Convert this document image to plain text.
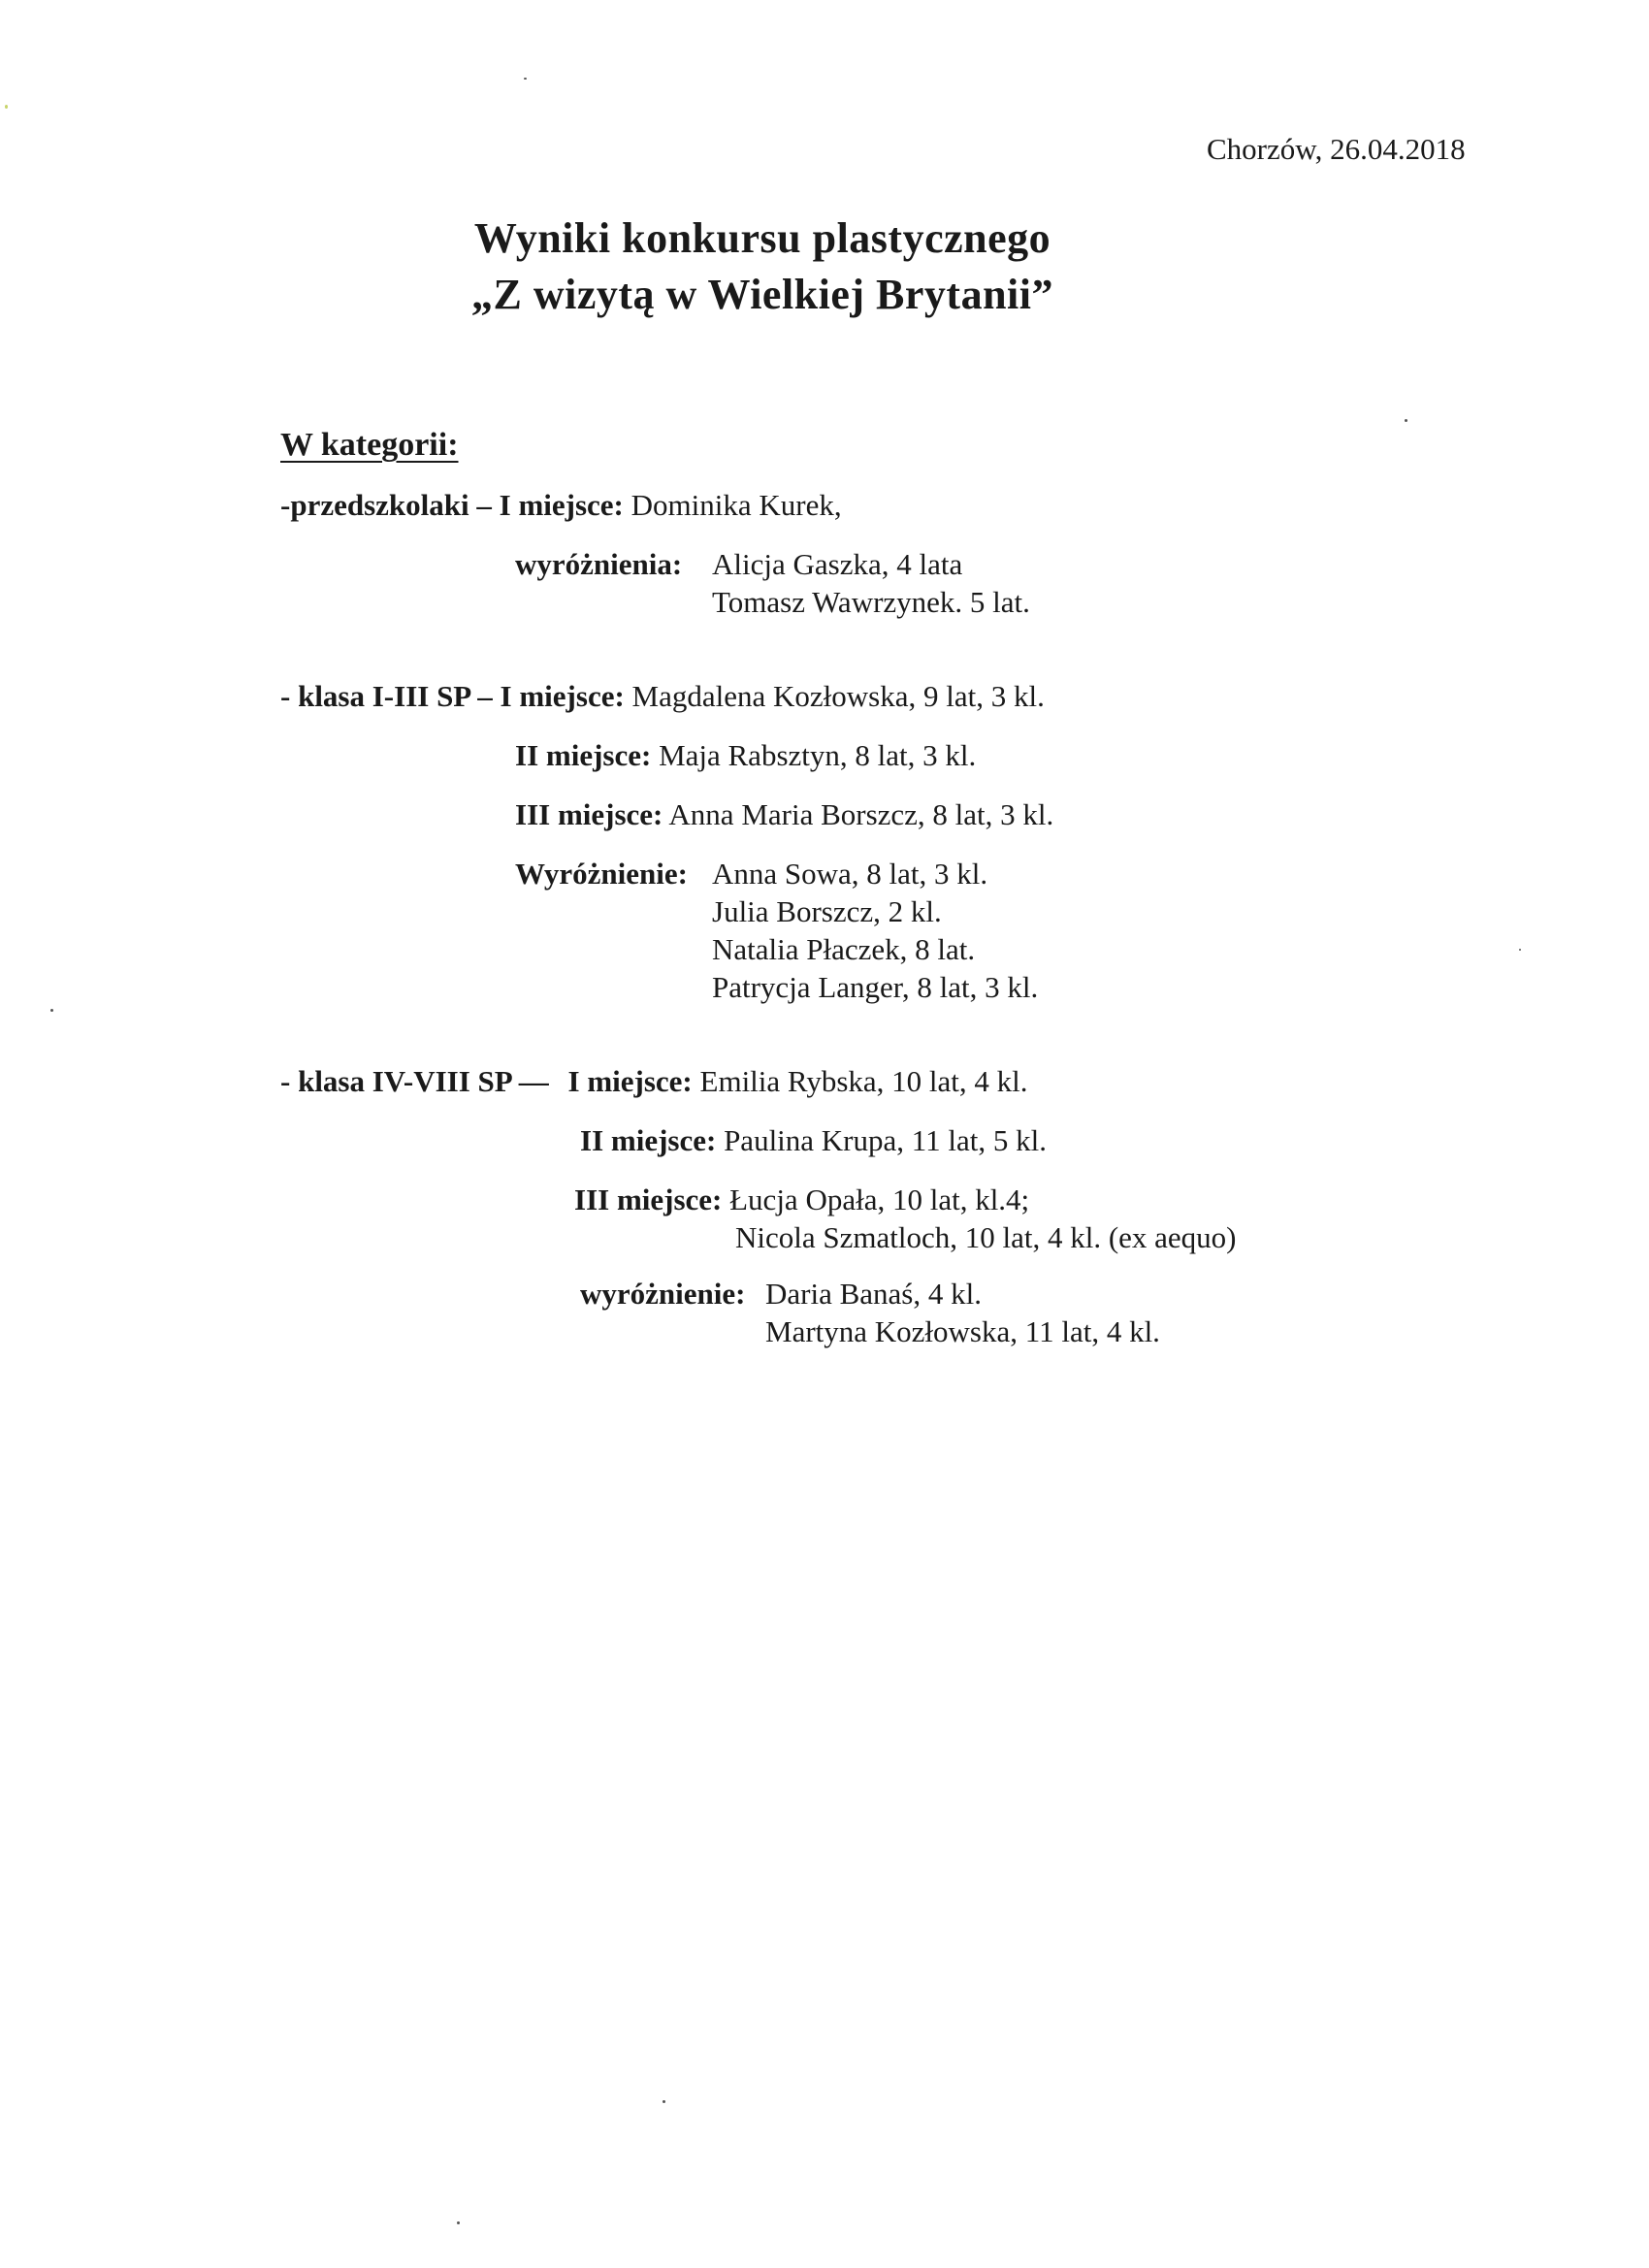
Chorzów, 26.04.2018
Wyniki konkursu plastycznego
„Z wizytą w Wielkiej Brytanii”
W kategorii:
-przedszkolaki – I miejsce: Dominika Kurek,
wyróżnienia: Alicja Gaszka, 4 lata
Tomasz Wawrzynek. 5 lat.
- klasa I-III SP – I miejsce: Magdalena Kozłowska, 9 lat, 3 kl.
II miejsce: Maja Rabsztyn, 8 lat, 3 kl.
III miejsce: Anna Maria Borszcz, 8 lat, 3 kl.
Wyróżnienie: Anna Sowa, 8 lat, 3 kl.
Julia Borszcz, 2 kl.
Natalia Płaczek, 8 lat.
Patrycja Langer, 8 lat, 3 kl.
- klasa IV-VIII SP — I miejsce: Emilia Rybska, 10 lat, 4 kl.
II miejsce: Paulina Krupa, 11 lat, 5 kl.
III miejsce: Łucja Opała, 10 lat, kl.4;
Nicola Szmatloch, 10 lat, 4 kl. (ex aequo)
wyróżnienie: Daria Banaś, 4 kl.
Martyna Kozłowska, 11 lat, 4 kl.
